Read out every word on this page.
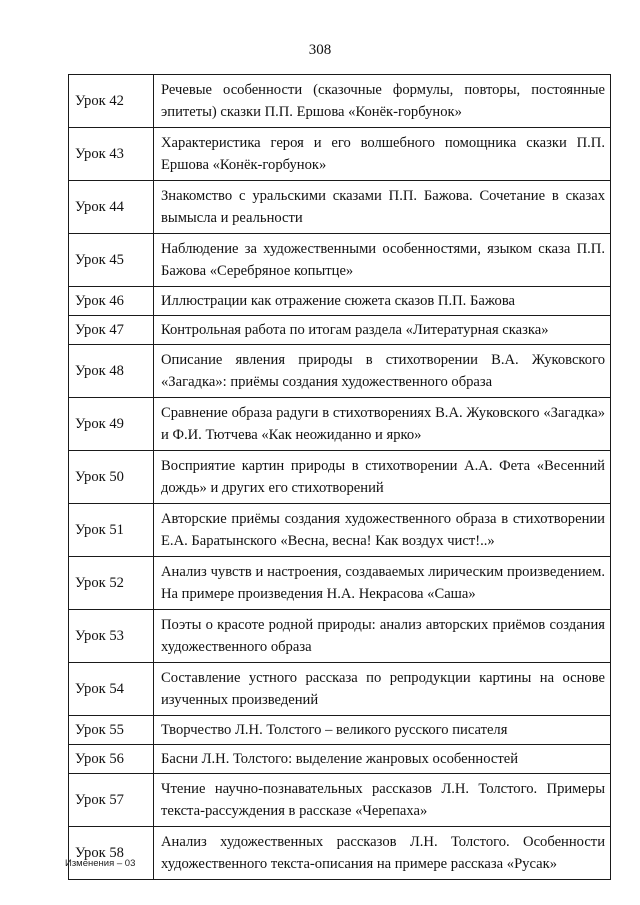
308
Урок 42	Речевые особенности (сказочные формулы, повторы, постоянные эпитеты) сказки П.П. Ершова «Конёк-горбунок»

Урок 43	Характеристика героя и его волшебного помощника сказки П.П. Ершова «Конёк-горбунок»

Урок 44	Знакомство с уральскими сказами П.П. Бажова. Сочетание в сказах вымысла и реальности

Урок 45	Наблюдение за художественными особенностями, языком сказа П.П. Бажова «Серебряное копытце»

Урок 46	Иллюстрации как отражение сюжета сказов П.П. Бажова

Урок 47	Контрольная работа по итогам раздела «Литературная сказка»

Урок 48	Описание явления природы в стихотворении В.А. Жуковского «Загадка»: приёмы создания художественного образа

Урок 49	Сравнение образа радуги в стихотворениях В.А. Жуковского «Загадка» и Ф.И. Тютчева «Как неожиданно и ярко»

Урок 50	Восприятие картин природы в стихотворении А.А. Фета «Весенний дождь» и других его стихотворений

Урок 51	Авторские приёмы создания художественного образа в стихотворении Е.А. Баратынского «Весна, весна! Как воздух чист!..»

Урок 52	Анализ чувств и настроения, создаваемых лирическим произведением. На примере произведения Н.А. Некрасова «Саша»

Урок 53	Поэты о красоте родной природы: анализ авторских приёмов создания художественного образа

Урок 54	Составление устного рассказа по репродукции картины на основе изученных произведений

Урок 55	Творчество Л.Н. Толстого – великого русского писателя

Урок 56	Басни Л.Н. Толстого: выделение жанровых особенностей

Урок 57	Чтение научно-познавательных рассказов Л.Н. Толстого. Примеры текста-рассуждения в рассказе «Черепаха»

Урок 58	Анализ художественных рассказов Л.Н. Толстого. Особенности художественного текста-описания на примере рассказа «Русак»
Изменения – 03
